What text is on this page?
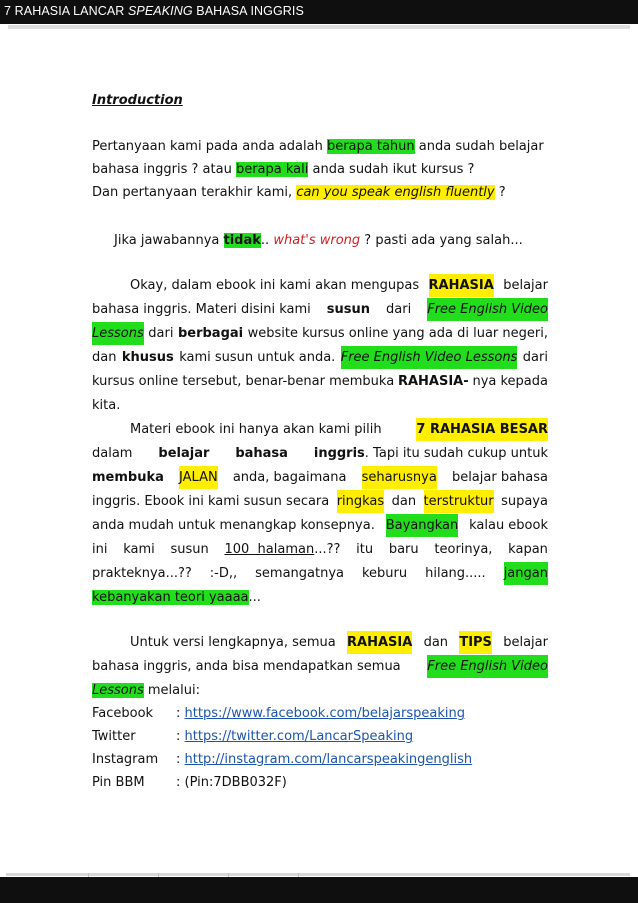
7 RAHASIA LANCAR SPEAKING BAHASA INGGRIS
Introduction
Pertanyaan kami pada anda adalah berapa tahun anda sudah belajar
bahasa inggris ? atau berapa kali anda sudah ikut kursus ?
Dan pertanyaan terakhir kami, can you speak english fluently ?
Jika jawabannya tidak.. what's wrong ? pasti ada yang salah...
Okay, dalam ebook ini kami akan mengupas RAHASIA belajar
bahasa inggris. Materi disini kami susun dari Free English Video
Lessons dari berbagai website kursus online yang ada di luar negeri,
dan khusus kami susun untuk anda. Free English Video Lessons dari
kursus online tersebut, benar-benar membuka RAHASIA- nya kepada
kita.
Materi ebook ini hanya akan kami pilih	7 RAHASIA BESAR
dalam belajar bahasa inggris. Tapi itu sudah cukup untuk
membuka JALAN anda, bagaimana seharusnya belajar bahasa
inggris. Ebook ini kami susun secara ringkas dan terstruktur supaya
anda mudah untuk menangkap konsepnya. Bayangkan kalau ebook
ini kami susun 100  halaman...?? itu baru teorinya, kapan
prakteknya...?? :-D,, semangatnya keburu hilang..... jangan
kebanyakan teori yaaaa...
Untuk versi lengkapnya, semua RAHASIA dan TIPS belajar
bahasa inggris, anda bisa mendapatkan semua Free English Video
Lessons melalui:
Facebook : https://www.facebook.com/belajarspeaking
Twitter	: https://twitter.com/LancarSpeaking
Instagram : http://instagram.com/lancarspeakingenglish
Pin BBM : (Pin:7DBB032F)
